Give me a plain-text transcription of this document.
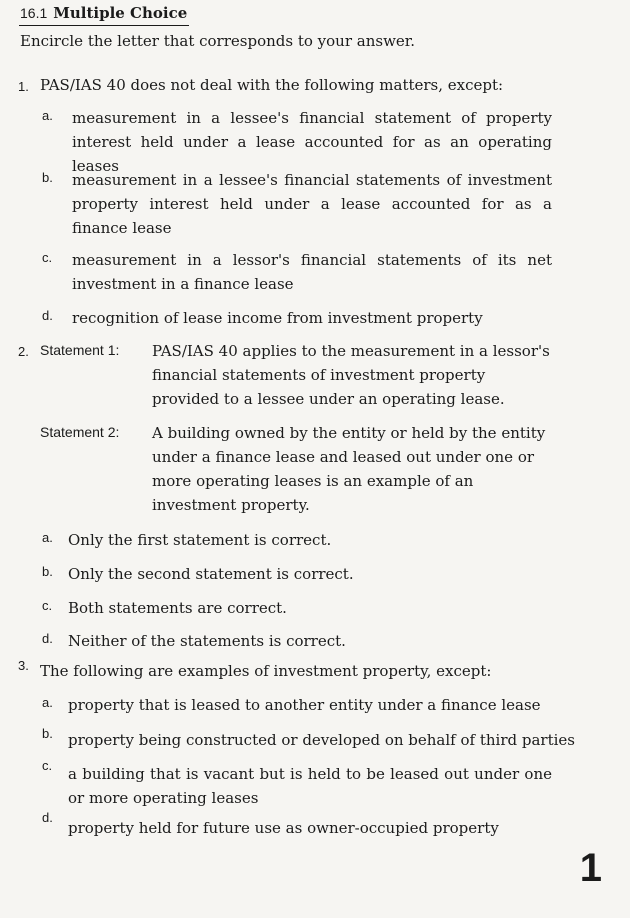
16.1 Multiple Choice
Encircle the letter that corresponds to your answer.
1. PAS/IAS 40 does not deal with the following matters, except:
a. measurement in a lessee's financial statement of property interest held under a lease accounted for as an operating leases
b. measurement in a lessee's financial statements of investment property interest held under a lease accounted for as a finance lease
c. measurement in a lessor's financial statements of its net investment in a finance lease
d. recognition of lease income from investment property
2. Statement 1: PAS/IAS 40 applies to the measurement in a lessor's financial statements of investment property provided to a lessee under an operating lease.
Statement 2: A building owned by the entity or held by the entity under a finance lease and leased out under one or more operating leases is an example of an investment property.
a. Only the first statement is correct.
b. Only the second statement is correct.
c. Both statements are correct.
d. Neither of the statements is correct.
3. The following are examples of investment property, except:
a. property that is leased to another entity under a finance lease
b. property being constructed or developed on behalf of third parties
c. a building that is vacant but is held to be leased out under one or more operating leases
d.
property held for future use as owner-occupied property
1
